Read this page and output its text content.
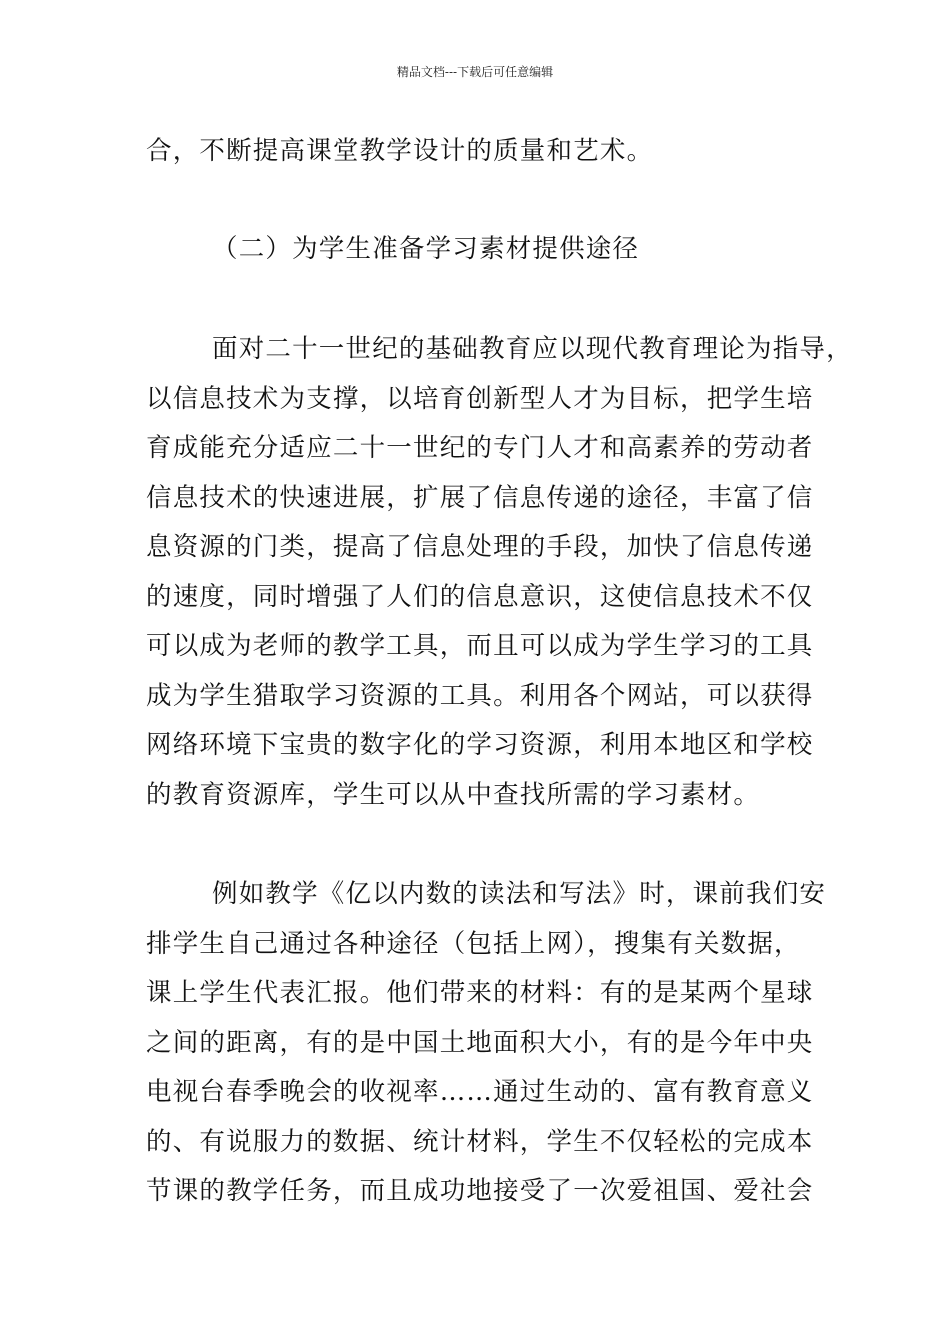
精品文档---下载后可任意编辑
合，不断提高课堂教学设计的质量和艺术。
（二）为学生准备学习素材提供途径
面对二十一世纪的基础教育应以现代教育理论为指导，
以信息技术为支撑，以培育创新型人才为目标，把学生培
育成能充分适应二十一世纪的专门人才和高素养的劳动者
信息技术的快速进展，扩展了信息传递的途径，丰富了信
息资源的门类，提高了信息处理的手段，加快了信息传递
的速度，同时增强了人们的信息意识，这使信息技术不仅
可以成为老师的教学工具，而且可以成为学生学习的工具
成为学生猎取学习资源的工具。利用各个网站，可以获得
网络环境下宝贵的数字化的学习资源，利用本地区和学校
的教育资源库，学生可以从中查找所需的学习素材。
例如教学《亿以内数的读法和写法》时，课前我们安
排学生自己通过各种途径（包括上网），搜集有关数据，
课上学生代表汇报。他们带来的材料：有的是某两个星球
之间的距离，有的是中国土地面积大小，有的是今年中央
电视台春季晚会的收视率……通过生动的、富有教育意义
的、有说服力的数据、统计材料，学生不仅轻松的完成本
节课的教学任务，而且成功地接受了一次爱祖国、爱社会
